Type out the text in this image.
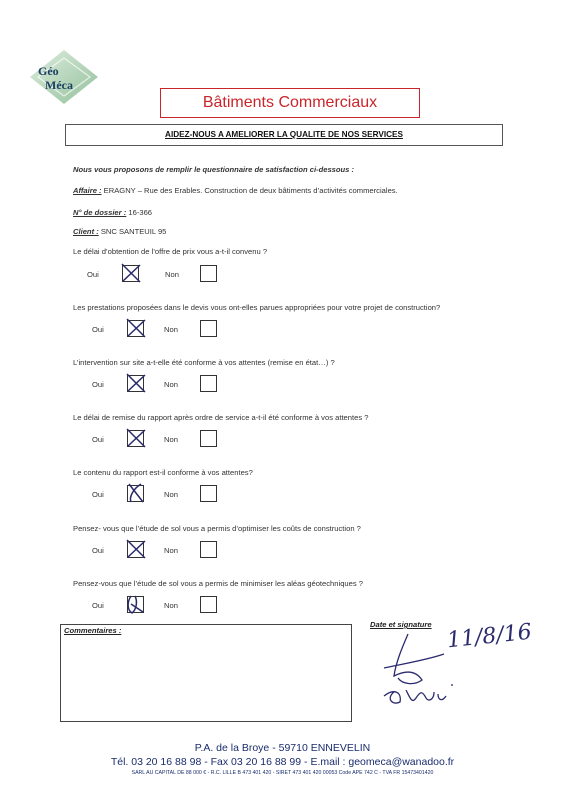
Géo
Méca
Bâtiments Commerciaux
AIDEZ-NOUS A AMELIORER LA QUALITE DE NOS SERVICES
Nous vous proposons de remplir le questionnaire de satisfaction ci-dessous :
Affaire : ERAGNY – Rue des Erables. Construction de deux bâtiments d’activités commerciales.
N° de dossier : 16-366
Client : SNC SANTEUIL 95
Le délai d’obtention de l’offre de prix vous a-t-il convenu ?
Oui	Non
Les prestations proposées dans le devis vous ont-elles parues appropriées pour votre projet de construction?
Oui	Non
L’intervention sur site a-t-elle été conforme à vos attentes (remise en état…) ?
Oui	Non
Le délai de remise du rapport après ordre de service a-t-il été conforme à vos attentes ?
Oui	Non
Le contenu du rapport est-il conforme à vos attentes?
Oui	Non
Pensez- vous que l’étude de sol vous a permis d’optimiser les coûts de construction ?
Oui	Non
Pensez-vous que l’étude de sol vous a permis de minimiser les aléas géotechniques ?
Oui	Non
Commentaires :
Date et signature 11/8/16
P.A. de la Broye - 59710 ENNEVELIN
Tél. 03 20 16 88 98 - Fax 03 20 16 88 99 - E.mail : geomeca@wanadoo.fr
SARL AU CAPITAL DE 88 000 € - R.C. LILLE B 473 401 420 - SIRET 473 401 420 00053 Code APE 742 C - TVA FR 15473401420
